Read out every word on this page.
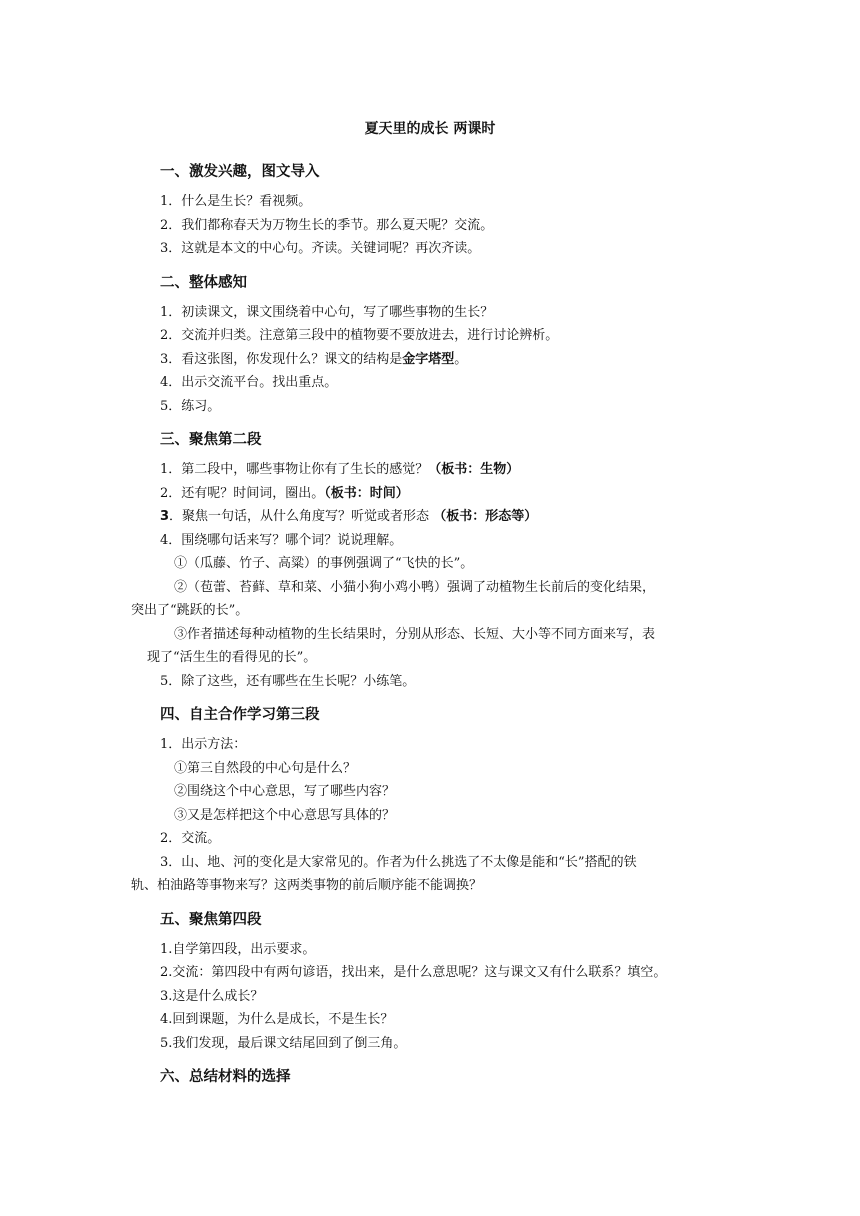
夏天里的成长 两课时
一、激发兴趣，图文导入

1．什么是生长？看视频。

2．我们都称春天为万物生长的季节。那么夏天呢？交流。

3．这就是本文的中心句。齐读。关键词呢？再次齐读。

二、整体感知

1．初读课文，课文围绕着中心句，写了哪些事物的生长？

2．交流并归类。注意第三段中的植物要不要放进去，进行讨论辨析。

3．看这张图，你发现什么？课文的结构是金字塔型。

4．出示交流平台。找出重点。

5．练习。

三、聚焦第二段

1．第二段中，哪些事物让你有了生长的感觉？（板书：生物）

2．还有呢？时间词，圈出。（板书：时间）

3．聚焦一句话，从什么角度写？听觉或者形态 （板书：形态等）

4．围绕哪句话来写？哪个词？说说理解。

①（瓜藤、竹子、高粱）的事例强调了“飞快的长”。

②（苞蕾、苔藓、草和菜、小猫小狗小鸡小鸭）强调了动植物生长前后的变化结果，

突出了“跳跃的长”。

③作者描述每种动植物的生长结果时，分别从形态、长短、大小等不同方面来写，表

现了“活生生的看得见的长”。

5．除了这些，还有哪些在生长呢？小练笔。

四、自主合作学习第三段

1．出示方法：

①第三自然段的中心句是什么？

②围绕这个中心意思，写了哪些内容？

③又是怎样把这个中心意思写具体的？

2．交流。

3．山、地、河的变化是大家常见的。作者为什么挑选了不太像是能和“长”搭配的铁

轨、柏油路等事物来写？这两类事物的前后顺序能不能调换？

五、聚焦第四段

1.自学第四段，出示要求。

2.交流：第四段中有两句谚语，找出来，是什么意思呢？这与课文又有什么联系？填空。

3.这是什么成长？

4.回到课题，为什么是成长，不是生长？

5.我们发现，最后课文结尾回到了倒三角。

六、总结材料的选择
